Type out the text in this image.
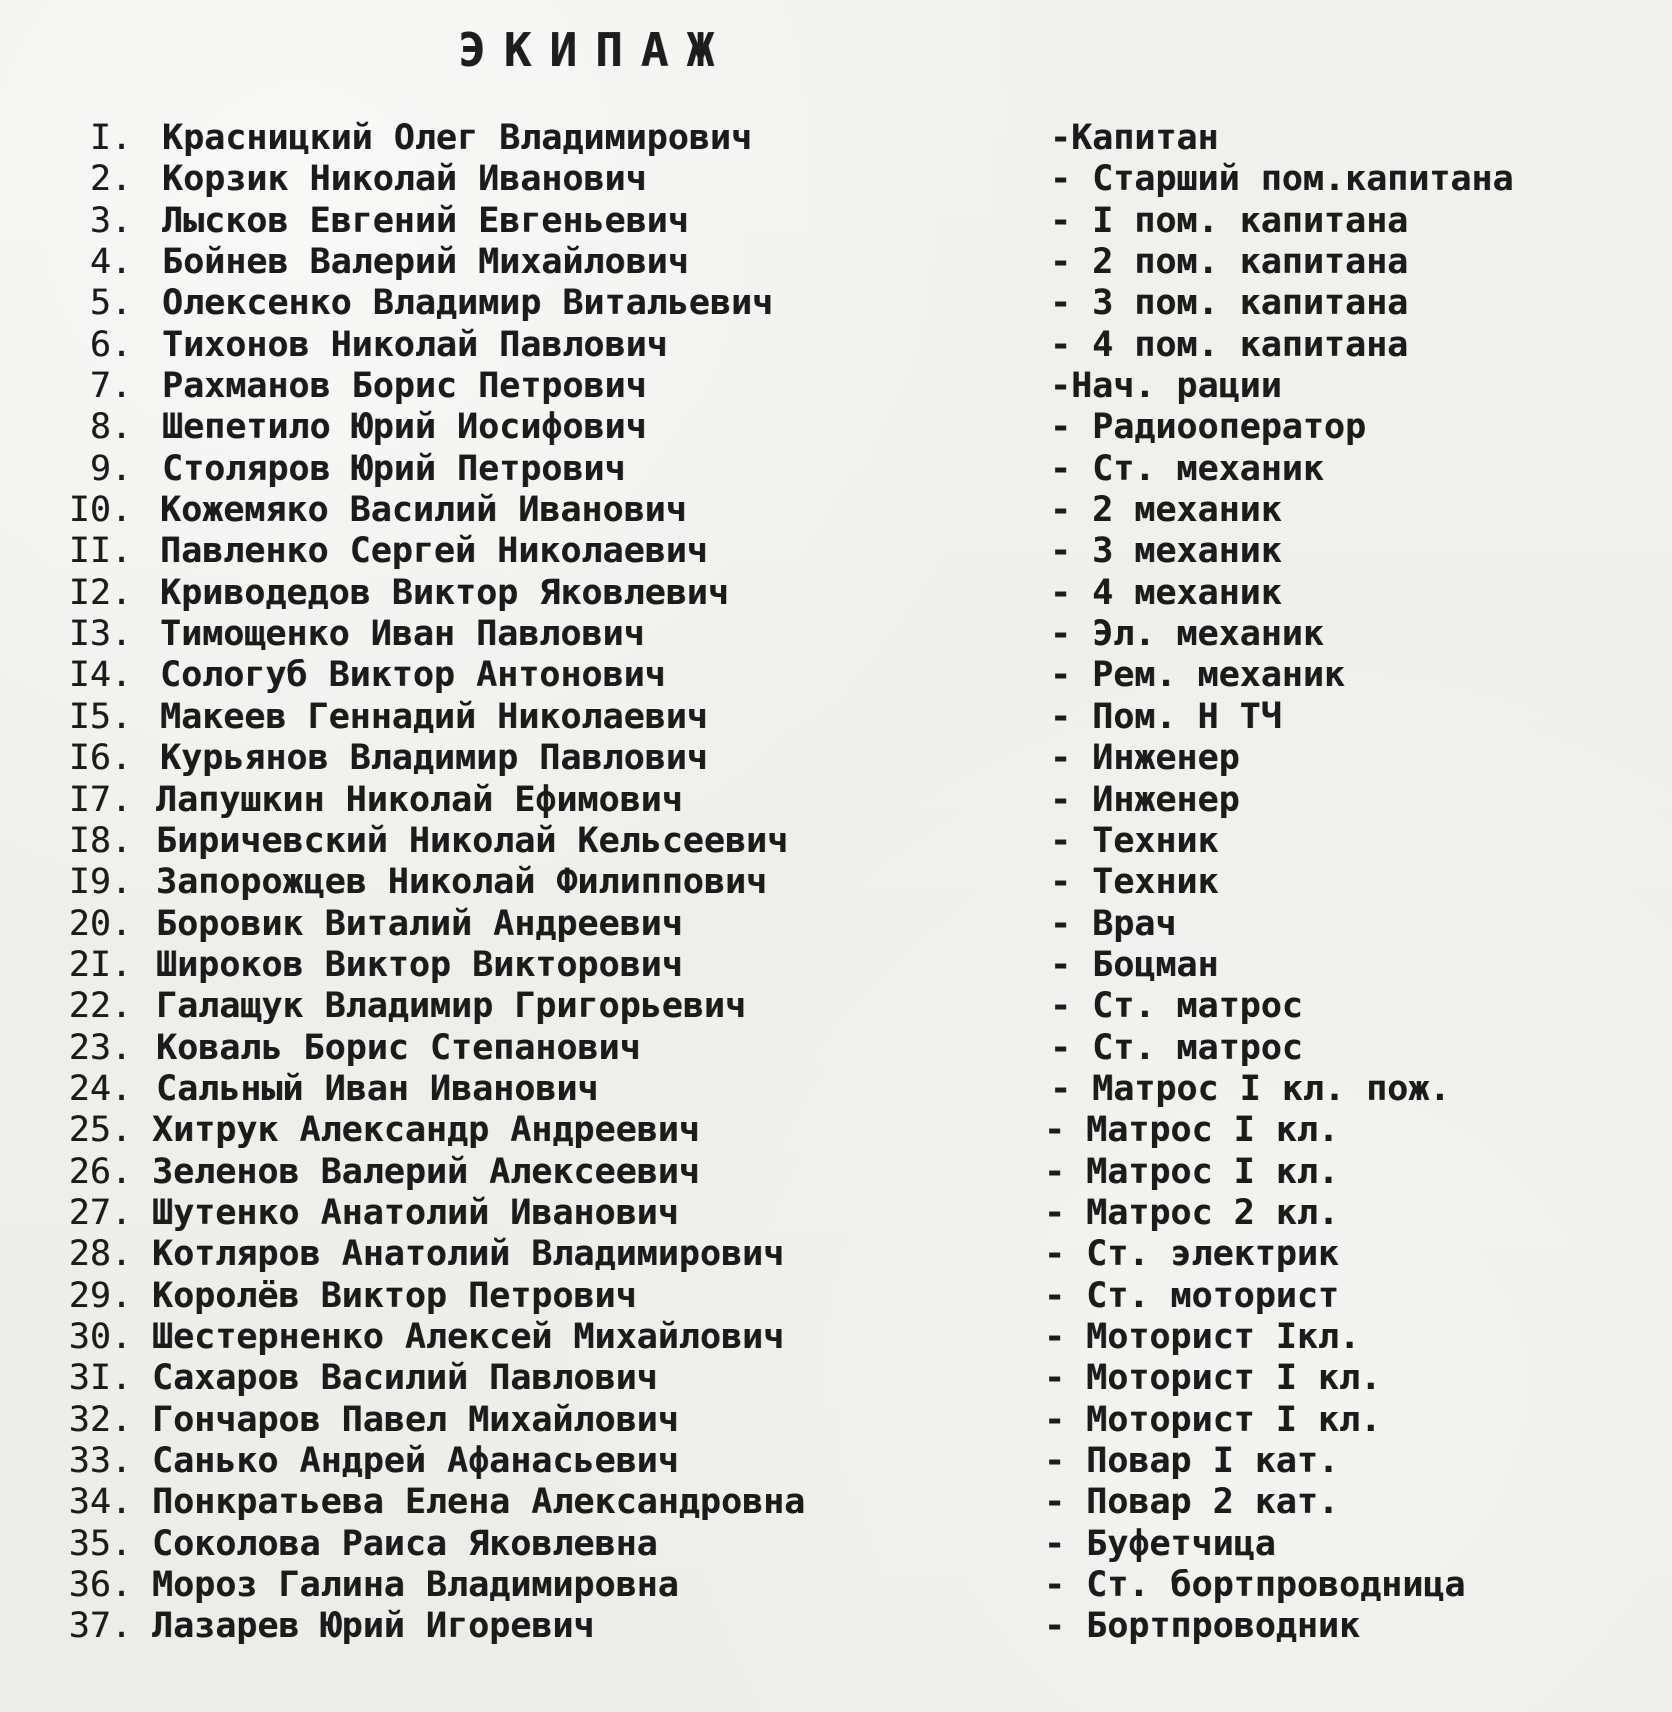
ЭКИПАЖ
I. Красницкий Олег Владимирович	-Капитан
2. Корзик Николай Иванович	- Старший пом.капитана
3. Лысков Евгений Евгеньевич	- I пом. капитана
4. Бойнев Валерий Михайлович	- 2 пом. капитана
5. Олексенко Владимир Витальевич	- 3 пом. капитана
6. Тихонов Николай Павлович	- 4 пом. капитана
7. Рахманов Борис Петрович	-Нач. рации
8. Шепетило Юрий Иосифович	- Радиооператор
9. Столяров Юрий Петрович	- Ст. механик
I0. Кожемяко Василий Иванович	- 2 механик
II. Павленко Сергей Николаевич	- 3 механик
I2. Криводедов Виктор Яковлевич	- 4 механик
I3. Тимощенко Иван Павлович	- Эл. механик
I4. Сологуб Виктор Антонович	- Рем. механик
I5. Макеев Геннадий Николаевич	- Пом. Н ТЧ
I6. Курьянов Владимир Павлович	- Инженер
I7. Лапушкин Николай Ефимович	- Инженер
I8. Биричевский Николай Кельсеевич	- Техник
I9. Запорожцев Николай Филиппович	- Техник
20. Боровик Виталий Андреевич	- Врач
2I. Широков Виктор Викторович	- Боцман
22. Галащук Владимир Григорьевич	- Ст. матрос
23. Коваль Борис Степанович	- Ст. матрос
24. Сальный Иван Иванович	- Матрос I кл. пож.
25. Хитрук Александр Андреевич	- Матрос I кл.
26. Зеленов Валерий Алексеевич	- Матрос I кл.
27. Шутенко Анатолий Иванович	- Матрос 2 кл.
28. Котляров Анатолий Владимирович	- Ст. электрик
29. Королёв Виктор Петрович	- Ст. моторист
30. Шестерненко Алексей Михайлович	- Моторист Iкл.
3I. Сахаров Василий Павлович	- Моторист I кл.
32. Гончаров Павел Михайлович	- Моторист I кл.
33. Санько Андрей Афанасьевич	- Повар I кат.
34. Понкратьева Елена Александровна	- Повар 2 кат.
35. Соколова Раиса Яковлевна	- Буфетчица
36. Мороз Галина Владимировна	- Ст. бортпроводница
37. Лазарев Юрий Игоревич	- Бортпроводник
